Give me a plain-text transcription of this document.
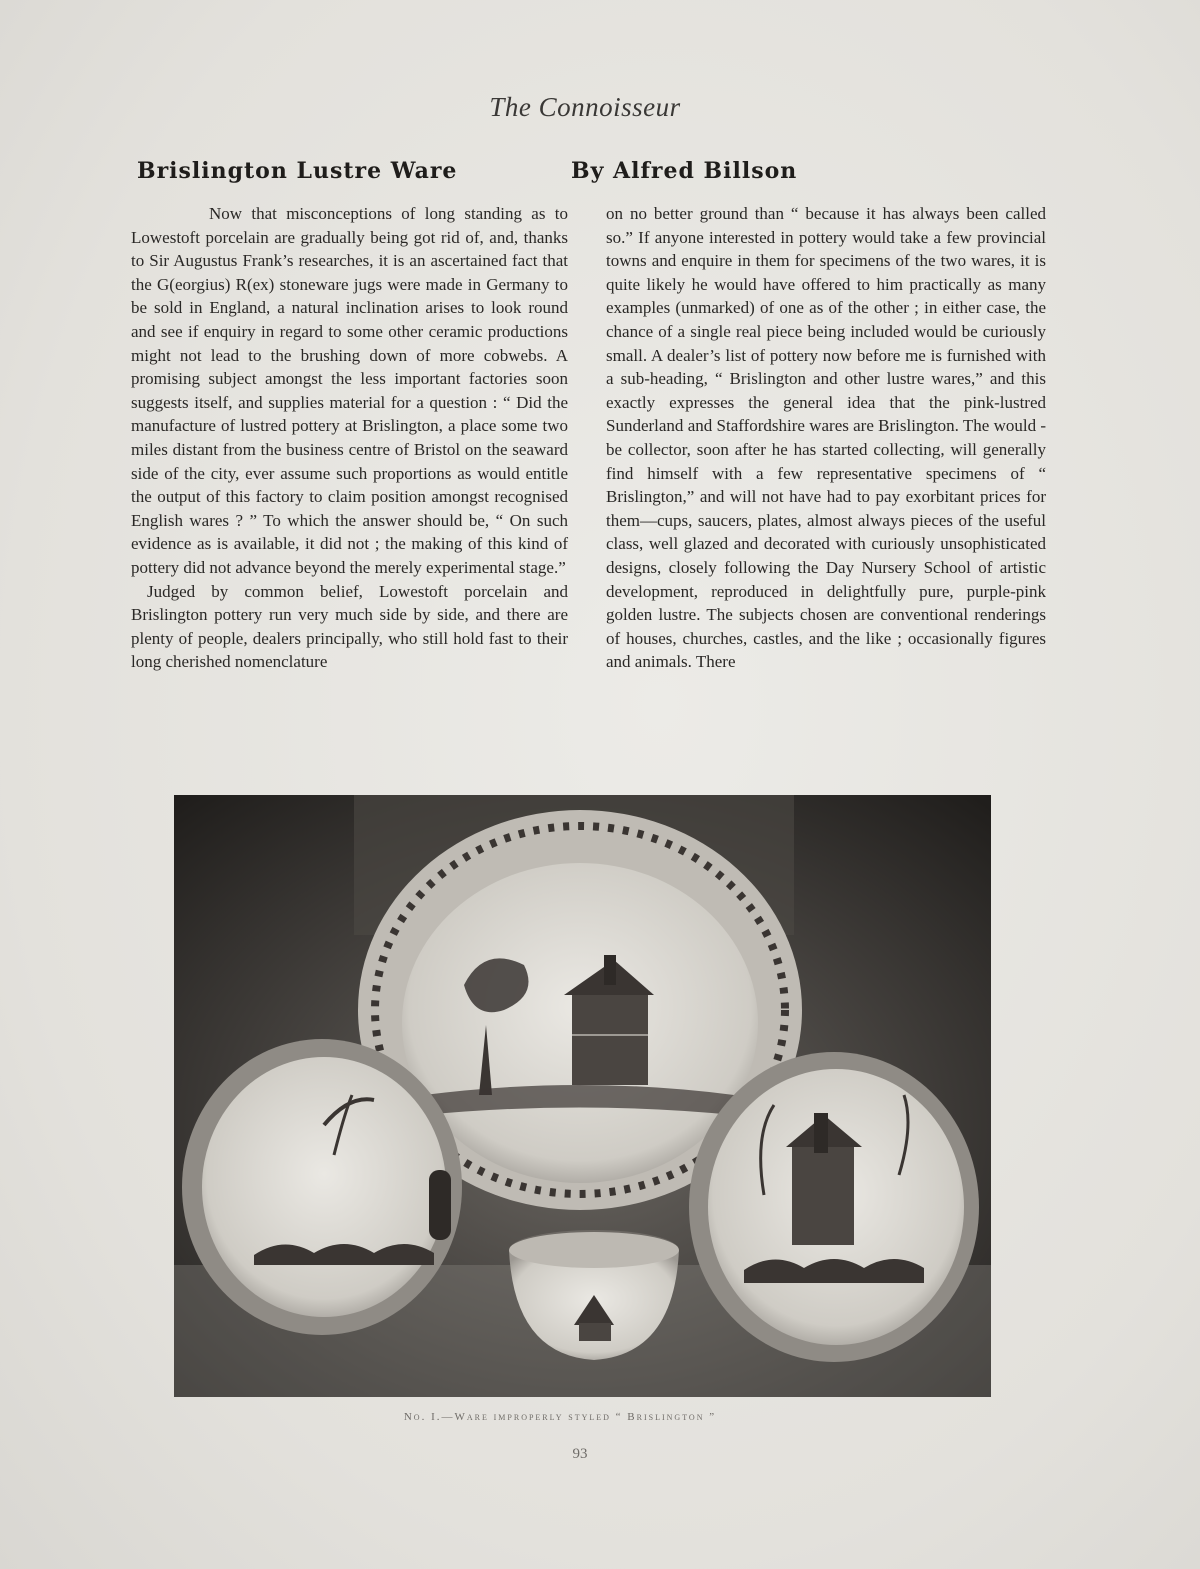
The Connoisseur
Brislington Lustre Ware	By Alfred Billson

Now that misconceptions of long standing as to Lowestoft porcelain are gradually being got rid of, and, thanks to Sir Augustus Frank’s researches, it is an ascertained fact that the G(eorgius) R(ex) stoneware jugs were made in Germany to be sold in England, a natural inclination arises to look round and see if enquiry in regard to some other ceramic productions might not lead to the brushing down of more cobwebs. A promising subject amongst the less important factories soon suggests itself, and supplies material for a question : “ Did the manufacture of lustred pottery at Brislington, a place some two miles distant from the business centre of Bristol on the seaward side of the city, ever assume such proportions as would entitle the output of this factory to claim position amongst recognised English wares ? ” To which the answer should be, “ On such evidence as is available, it did not ; the making of this kind of pottery did not advance beyond the merely experimental stage.”

Judged by common belief, Lowestoft porcelain and Brislington pottery run very much side by side, and there are plenty of people, dealers principally, who still hold fast to their long cherished nomenclature

on no better ground than “ because it has always been called so.” If anyone interested in pottery would take a few provincial towns and enquire in them for specimens of the two wares, it is quite likely he would have offered to him practically as many examples (unmarked) of one as of the other ; in either case, the chance of a single real piece being included would be curiously small. A dealer’s list of pottery now before me is furnished with a sub-heading, “ Brislington and other lustre wares,” and this exactly expresses the general idea that the pink-lustred Sunderland and Staffordshire wares are Brislington. The would - be collector, soon after he has started collecting, will generally find himself with a few representative specimens of “ Brislington,” and will not have had to pay exorbitant prices for them—cups, saucers, plates, almost always pieces of the useful class, well glazed and decorated with curiously unsophisticated designs, closely following the Day Nursery School of artistic development, reproduced in delightfully pure, purple-pink golden lustre. The subjects chosen are conventional renderings of houses, churches, castles, and the like ; occasionally figures and animals. There

No. I.—Ware improperly styled “ Brislington ”
93
